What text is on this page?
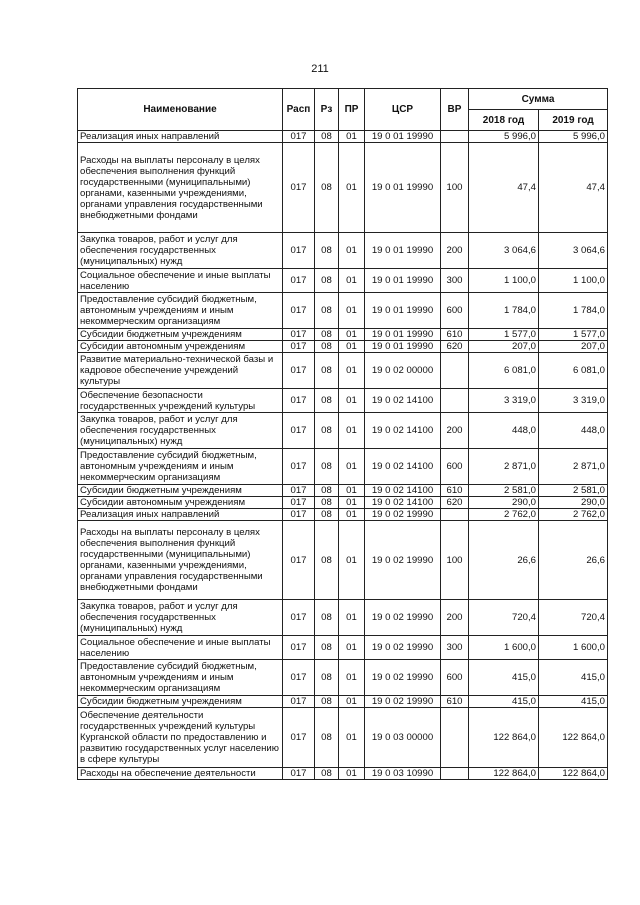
211
Наименование	Расп	Рз	ПР	ЦСР	ВР	Сумма	
						2018 год	2019 год
Реализация иных направлений	017	08	01	19 0 01 19990		5 996,0	5 996,0
Расходы на выплаты персоналу в целях обеспечения выполнения функций государственными (муниципальными) органами, казенными учреждениями, органами управления государственными внебюджетными фондами	017	08	01	19 0 01 19990	100	47,4	47,4
Закупка товаров, работ и услуг для обеспечения государственных (муниципальных) нужд	017	08	01	19 0 01 19990	200	3 064,6	3 064,6
Социальное обеспечение и иные выплаты населению	017	08	01	19 0 01 19990	300	1 100,0	1 100,0
Предоставление субсидий бюджетным, автономным учреждениям и иным некоммерческим организациям	017	08	01	19 0 01 19990	600	1 784,0	1 784,0
Субсидии бюджетным учреждениям	017	08	01	19 0 01 19990	610	1 577,0	1 577,0
Субсидии автономным учреждениям	017	08	01	19 0 01 19990	620	207,0	207,0
Развитие материально-технической базы и кадровое обеспечение учреждений культуры	017	08	01	19 0 02 00000		6 081,0	6 081,0
Обеспечение безопасности государственных учреждений культуры	017	08	01	19 0 02 14100		3 319,0	3 319,0
Закупка товаров, работ и услуг для обеспечения государственных (муниципальных) нужд	017	08	01	19 0 02 14100	200	448,0	448,0
Предоставление субсидий бюджетным, автономным учреждениям и иным некоммерческим организациям	017	08	01	19 0 02 14100	600	2 871,0	2 871,0
Субсидии бюджетным учреждениям	017	08	01	19 0 02 14100	610	2 581,0	2 581,0
Субсидии автономным учреждениям	017	08	01	19 0 02 14100	620	290,0	290,0
Реализация иных направлений	017	08	01	19 0 02 19990		2 762,0	2 762,0
Расходы на выплаты персоналу в целях обеспечения выполнения функций государственными (муниципальными) органами, казенными учреждениями, органами управления государственными внебюджетными фондами	017	08	01	19 0 02 19990	100	26,6	26,6
Закупка товаров, работ и услуг для обеспечения государственных (муниципальных) нужд	017	08	01	19 0 02 19990	200	720,4	720,4
Социальное обеспечение и иные выплаты населению	017	08	01	19 0 02 19990	300	1 600,0	1 600,0
Предоставление субсидий бюджетным, автономным учреждениям и иным некоммерческим организациям	017	08	01	19 0 02 19990	600	415,0	415,0
Субсидии бюджетным учреждениям	017	08	01	19 0 02 19990	610	415,0	415,0
Обеспечение деятельности государственных учреждений культуры Курганской области по предоставлению и развитию государственных услуг населению в сфере культуры	017	08	01	19 0 03 00000		122 864,0	122 864,0
Расходы на обеспечение деятельности	017	08	01	19 0 03 10990		122 864,0	122 864,0
